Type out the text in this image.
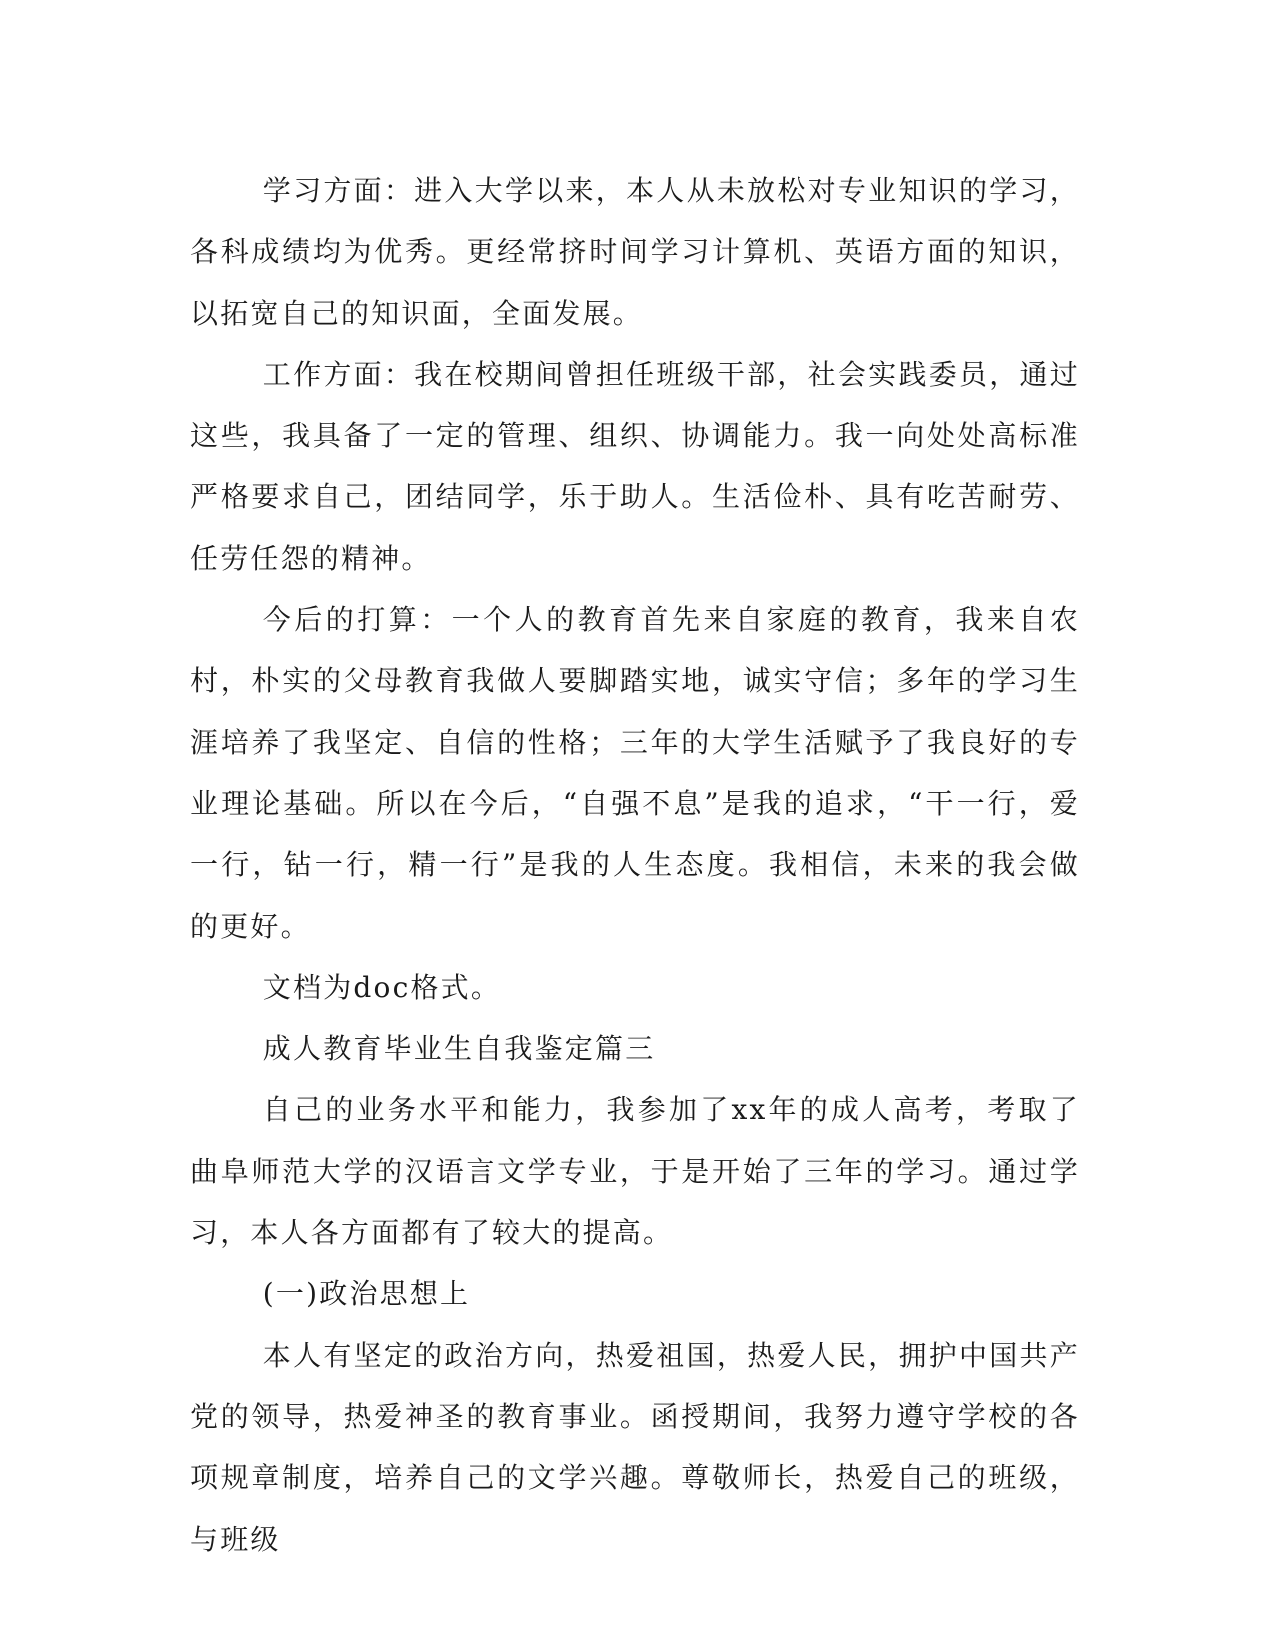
学习方面：进入大学以来，本人从未放松对专业知识的学习，各科成绩均为优秀。更经常挤时间学习计算机、英语方面的知识，以拓宽自己的知识面，全面发展。

工作方面：我在校期间曾担任班级干部，社会实践委员，通过这些，我具备了一定的管理、组织、协调能力。我一向处处高标准严格要求自己，团结同学，乐于助人。生活俭朴、具有吃苦耐劳、任劳任怨的精神。

今后的打算：一个人的教育首先来自家庭的教育，我来自农村，朴实的父母教育我做人要脚踏实地，诚实守信；多年的学习生涯培养了我坚定、自信的性格；三年的大学生活赋予了我良好的专业理论基础。所以在今后，“自强不息”是我的追求，“干一行，爱一行，钻一行，精一行”是我的人生态度。我相信，未来的我会做的更好。

文档为doc格式。

成人教育毕业生自我鉴定篇三

自己的业务水平和能力，我参加了xx年的成人高考，考取了曲阜师范大学的汉语言文学专业，于是开始了三年的学习。通过学习，本人各方面都有了较大的提高。

(一)政治思想上

本人有坚定的政治方向，热爱祖国，热爱人民，拥护中国共产党的领导，热爱神圣的教育事业。函授期间，我努力遵守学校的各项规章制度，培养自己的文学兴趣。尊敬师长，热爱自己的班级，与班级
